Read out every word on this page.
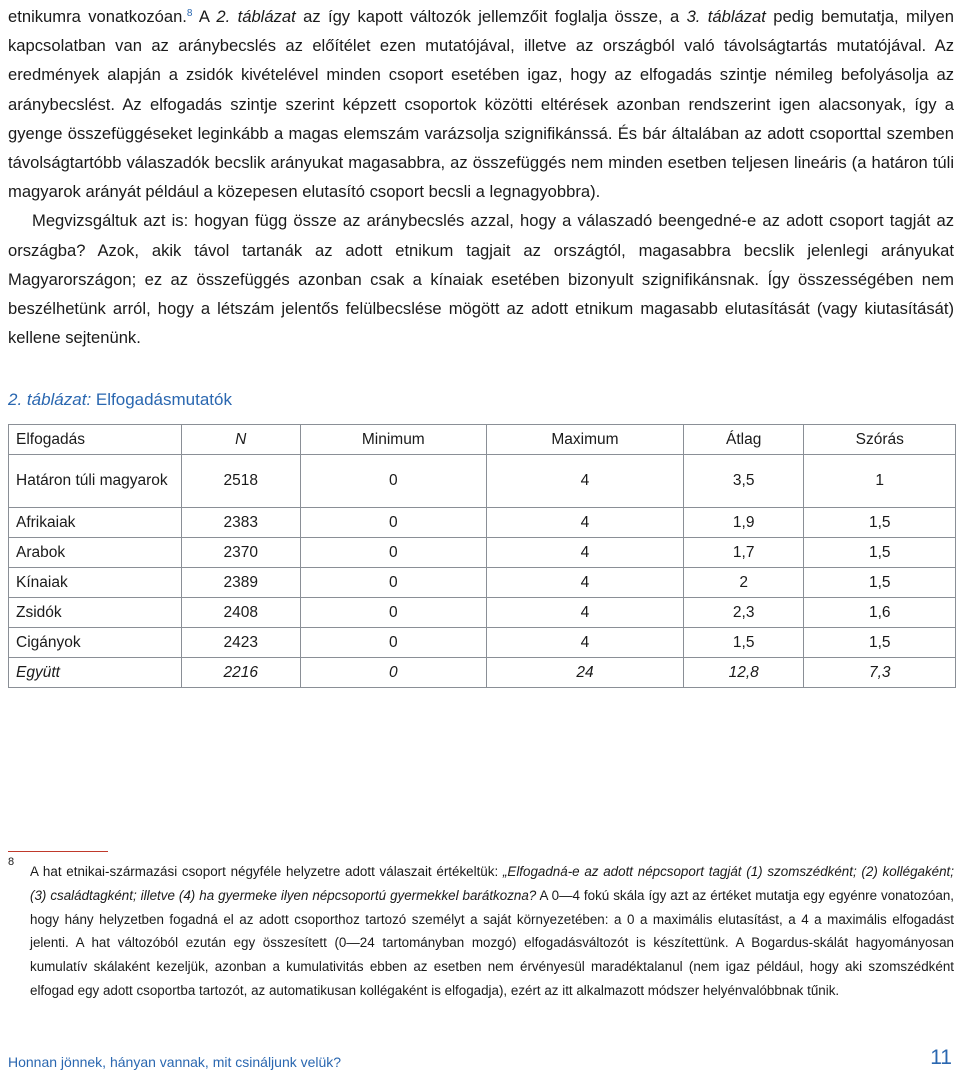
etnikumra vonatkozóan.$^8$ A 2. táblázat az így kapott változók jellemzőit foglalja össze, a 3. táblázat pedig bemutatja, milyen kapcsolatban van az aránybecslés az előítélet ezen mutatójával, illetve az országból való távolságtartás mutatójával. Az eredmények alapján a zsidók kivételével minden csoport esetében igaz, hogy az elfogadás szintje némileg befolyásolja az aránybecslést. Az elfogadás szintje szerint képzett csoportok közötti eltérések azonban rendszerint igen alacsonyak, így a gyenge összefüggéseket leginkább a magas elemszám varázsolja szignifikánssá. És bár általában az adott csoporttal szemben távolságtartóbb válaszadók becslik arányukat magasabbra, az összefüggés nem minden esetben teljesen lineáris (a határon túli magyarok arányát például a közepesen elutasító csoport becsli a legnagyobbra).

Megvizsgáltuk azt is: hogyan függ össze az aránybecslés azzal, hogy a válaszadó beengedné-e az adott csoport tagját az országba? Azok, akik távol tartanák az adott etnikum tagjait az országtól, magasabbra becslik jelenlegi arányukat Magyarországon; ez az összefüggés azonban csak a kínaiak esetében bizonyult szignifikánsnak. Így összességében nem beszélhetünk arról, hogy a létszám jelentős felülbecslése mögött az adott etnikum magasabb elutasítását (vagy kiutasítását) kellene sejtenünk.

2. táblázat: Elfogadásmutatók
Elfogadás	N	Minimum	Maximum	Átlag	Szórás
Határon túli magyarok	2518	0	4	3,5	1
Afrikaiak	2383	0	4	1,9	1,5
Arabok	2370	0	4	1,7	1,5
Kínaiak	2389	0	4	2	1,5
Zsidók	2408	0	4	2,3	1,6
Cigányok	2423	0	4	1,5	1,5
Együtt	2216	0	24	12,8	7,3
8
A hat etnikai-származási csoport négyféle helyzetre adott válaszait értékeltük: „Elfogadná-e az adott népcsoport tagját (1) szomszédként; (2) kollégaként; (3) családtagként; illetve (4) ha gyermeke ilyen népcsoportú gyermekkel barátkozna? A 0—4 fokú skála így azt az értéket mutatja egy egyénre vonatozóan, hogy hány helyzetben fogadná el az adott csoporthoz tartozó személyt a saját környezetében: a 0 a maximális elutasítást, a 4 a maximális elfogadást jelenti. A hat változóból ezután egy összesített (0—24 tartományban mozgó) elfogadásváltozót is készítettünk. A Bogardus-skálát hagyományosan kumulatív skálaként kezeljük, azonban a kumulativitás ebben az esetben nem érvényesül maradéktalanul (nem igaz például, hogy aki szomszédként elfogad egy adott csoportba tartozót, az automatikusan kollégaként is elfogadja), ezért az itt alkalmazott módszer helyénvalóbbnak tűnik.
Honnan jönnek, hányan vannak, mit csináljunk velük?	11
